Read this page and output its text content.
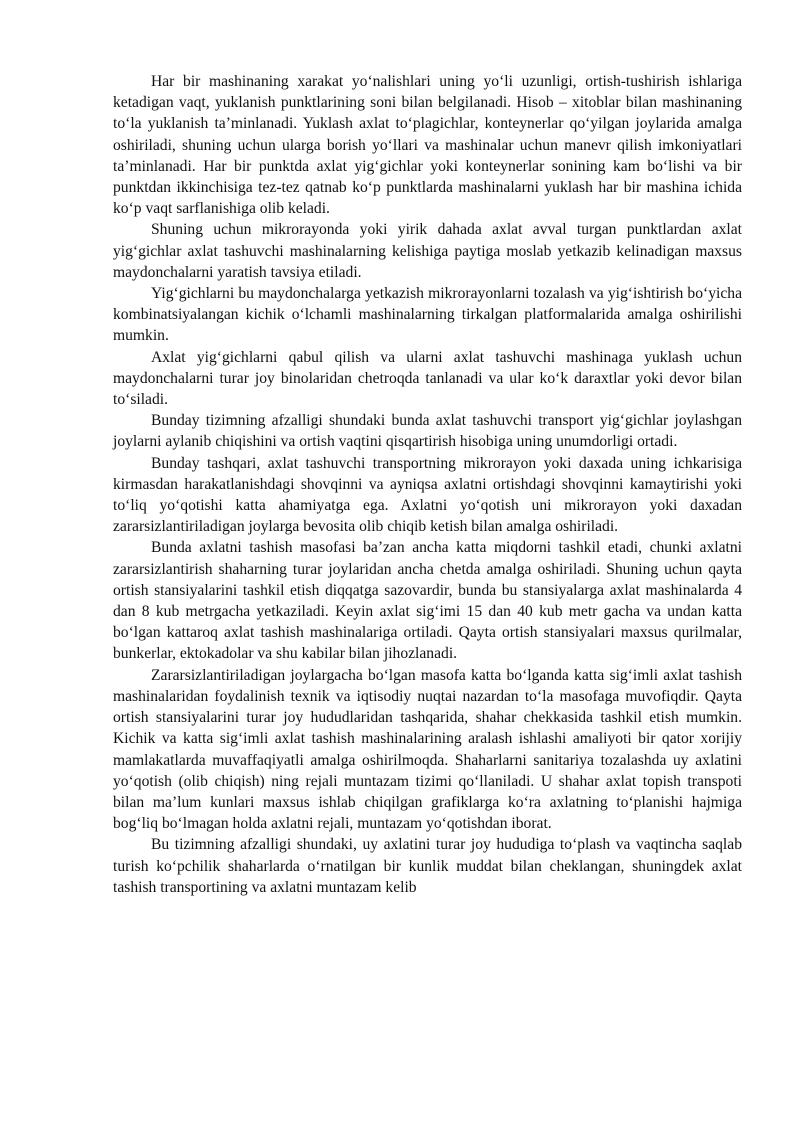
Har bir mashinaning xarakat yo‘nalishlari uning yo‘li uzunligi, ortish-tushirish ishlariga ketadigan vaqt, yuklanish punktlarining soni bilan belgilanadi. Hisob – xitoblar bilan mashinaning to‘la yuklanish ta’minlanadi. Yuklash axlat to‘plagichlar, konteynerlar qo‘yilgan joylarida amalga oshiriladi, shuning uchun ularga borish yo‘llari va mashinalar uchun manevr qilish imkoniyatlari ta’minlanadi. Har bir punktda axlat yig‘gichlar yoki konteynerlar sonining kam bo‘lishi va bir punktdan ikkinchisiga tez-tez qatnab ko‘p punktlarda mashinalarni yuklash har bir mashina ichida ko‘p vaqt sarflanishiga olib keladi.

Shuning uchun mikrorayonda yoki yirik dahada axlat avval turgan punktlardan axlat yig‘gichlar axlat tashuvchi mashinalarning kelishiga paytiga moslab yetkazib kelinadigan maxsus maydonchalarni yaratish tavsiya etiladi.

Yig‘gichlarni bu maydonchalarga yetkazish mikrorayonlarni tozalash va yig‘ishtirish bo‘yicha kombinatsiyalangan kichik o‘lchamli mashinalarning tirkalgan platformalarida amalga oshirilishi mumkin.

Axlat yig‘gichlarni qabul qilish va ularni axlat tashuvchi mashinaga yuklash uchun maydonchalarni turar joy binolaridan chetroqda tanlanadi va ular ko‘k daraxtlar yoki devor bilan to‘siladi.

Bunday tizimning afzalligi shundaki bunda axlat tashuvchi transport yig‘gichlar joylashgan joylarni aylanib chiqishini va ortish vaqtini qisqartirish hisobiga uning unumdorligi ortadi.

Bunday tashqari, axlat tashuvchi transportning mikrorayon yoki daxada uning ichkarisiga kirmasdan harakatlanishdagi shovqinni va ayniqsa axlatni ortishdagi shovqinni kamaytirishi yoki to‘liq yo‘qotishi katta ahamiyatga ega. Axlatni yo‘qotish uni mikrorayon yoki daxadan zararsizlantiriladigan joylarga bevosita olib chiqib ketish bilan amalga oshiriladi.

Bunda axlatni tashish masofasi ba’zan ancha katta miqdorni tashkil etadi, chunki axlatni zararsizlantirish shaharning turar joylaridan ancha chetda amalga oshiriladi. Shuning uchun qayta ortish stansiyalarini tashkil etish diqqatga sazovardir, bunda bu stansiyalarga axlat mashinalarda 4 dan 8 kub metrgacha yetkaziladi. Keyin axlat sig‘imi 15 dan 40 kub metr gacha va undan katta bo‘lgan kattaroq axlat tashish mashinalariga ortiladi. Qayta ortish stansiyalari maxsus qurilmalar, bunkerlar, ektokadolar va shu kabilar bilan jihozlanadi.

Zararsizlantiriladigan joylargacha bo‘lgan masofa katta bo‘lganda katta sig‘imli axlat tashish mashinalaridan foydalinish texnik va iqtisodiy nuqtai nazardan to‘la masofaga muvofiqdir. Qayta ortish stansiyalarini turar joy hududlaridan tashqarida, shahar chekkasida tashkil etish mumkin. Kichik va katta sig‘imli axlat tashish mashinalarining aralash ishlashi amaliyoti bir qator xorijiy mamlakatlarda muvaffaqiyatli amalga oshirilmoqda. Shaharlarni sanitariya tozalashda uy axlatini yo‘qotish (olib chiqish) ning rejali muntazam tizimi qo‘llaniladi. U shahar axlat topish transpoti bilan ma’lum kunlari maxsus ishlab chiqilgan grafiklarga ko‘ra axlatning to‘planishi hajmiga bog‘liq bo‘lmagan holda axlatni rejali, muntazam yo‘qotishdan iborat.

Bu tizimning afzalligi shundaki, uy axlatini turar joy hududiga to‘plash va vaqtincha saqlab turish ko‘pchilik shaharlarda o‘rnatilgan bir kunlik muddat bilan cheklangan, shuningdek axlat tashish transportining va axlatni muntazam kelib
